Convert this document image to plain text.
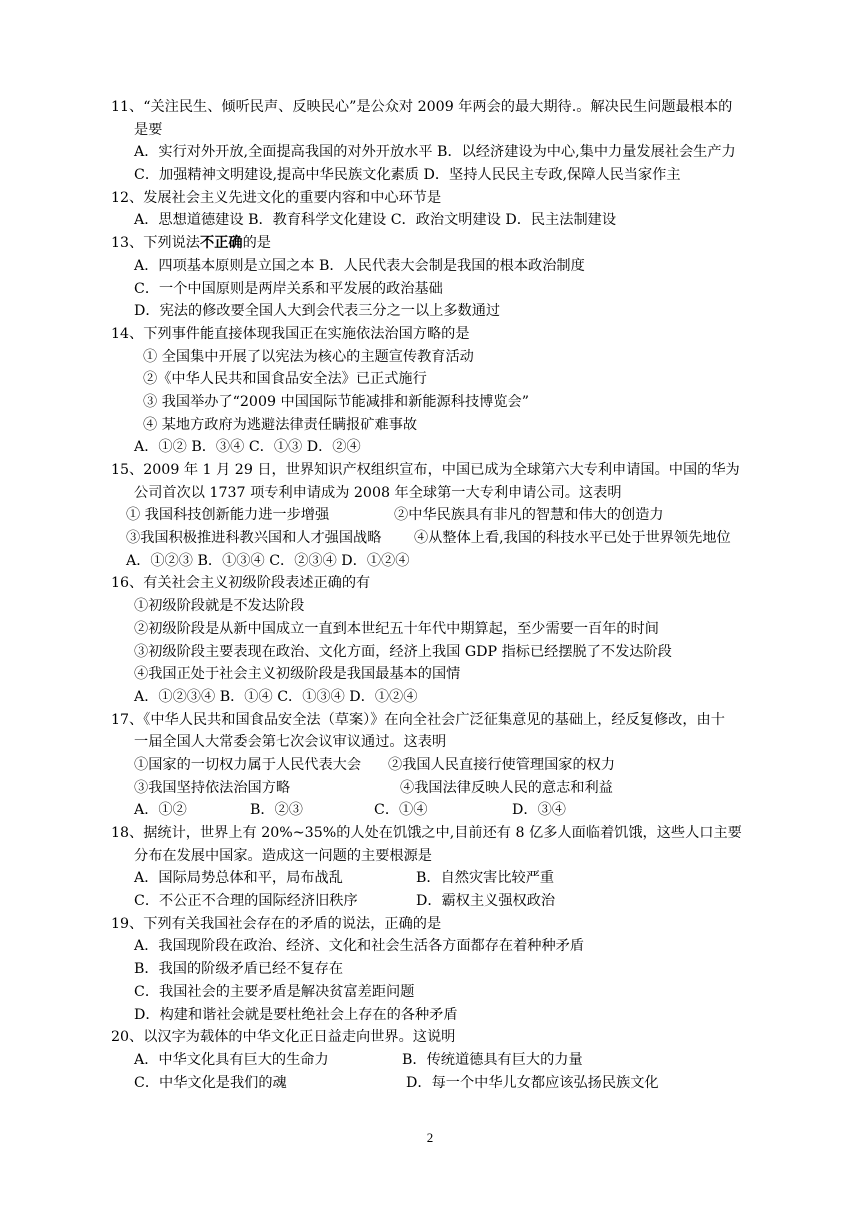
11、“关注民生、倾听民声、反映民心”是公众对 2009 年两会的最大期待.。解决民生问题最根本的
是要
A．实行对外开放,全面提高我国的对外开放水平 B．以经济建设为中心,集中力量发展社会生产力
C．加强精神文明建设,提高中华民族文化素质 D．坚持人民民主专政,保障人民当家作主
12、发展社会主义先进文化的重要内容和中心环节是
A．思想道德建设 B．教育科学文化建设 C．政治文明建设 D．民主法制建设
13、下列说法不正确的是
A．四项基本原则是立国之本 B．人民代表大会制是我国的根本政治制度
C．一个中国原则是两岸关系和平发展的政治基础
D．宪法的修改要全国人大到会代表三分之一以上多数通过
14、下列事件能直接体现我国正在实施依法治国方略的是
① 全国集中开展了以宪法为核心的主题宣传教育活动
②《中华人民共和国食品安全法》已正式施行
③ 我国举办了“2009 中国国际节能减排和新能源科技博览会”
④ 某地方政府为逃避法律责任瞒报矿难事故
A．①② B．③④ C．①③ D．②④
15、2009 年 1 月 29 日，世界知识产权组织宣布，中国已成为全球第六大专利申请国。中国的华为
公司首次以 1737 项专利申请成为 2008 年全球第一大专利申请公司。这表明
① 我国科技创新能力进一步增强	②中华民族具有非凡的智慧和伟大的创造力
③我国积极推进科教兴国和人才强国战略	④从整体上看,我国的科技水平已处于世界领先地位
A．①②③ B．①③④ C．②③④ D．①②④
16、有关社会主义初级阶段表述正确的有
①初级阶段就是不发达阶段
②初级阶段是从新中国成立一直到本世纪五十年代中期算起，至少需要一百年的时间
③初级阶段主要表现在政治、文化方面，经济上我国 GDP 指标已经摆脱了不发达阶段
④我国正处于社会主义初级阶段是我国最基本的国情
A．①②③④ B．①④ C．①③④ D．①②④
17、《中华人民共和国食品安全法（草案）》在向全社会广泛征集意见的基础上，经反复修改，由十
一届全国人大常委会第七次会议审议通过。这表明
①国家的一切权力属于人民代表大会	②我国人民直接行使管理国家的权力
③我国坚持依法治国方略	④我国法律反映人民的意志和利益
A．①②	B．②③	C．①④	D．③④
18、据统计，世界上有 20%~35%的人处在饥饿之中,目前还有 8 亿多人面临着饥饿，这些人口主要
分布在发展中国家。造成这一问题的主要根源是
A．国际局势总体和平，局布战乱	B．自然灾害比较严重
C．不公正不合理的国际经济旧秩序	D．霸权主义强权政治
19、下列有关我国社会存在的矛盾的说法，正确的是
A．我国现阶段在政治、经济、文化和社会生活各方面都存在着种种矛盾
B．我国的阶级矛盾已经不复存在
C．我国社会的主要矛盾是解决贫富差距问题
D．构建和谐社会就是要杜绝社会上存在的各种矛盾
20、以汉字为载体的中华文化正日益走向世界。这说明
A．中华文化具有巨大的生命力	B．传统道德具有巨大的力量
C．中华文化是我们的魂	D．每一个中华儿女都应该弘扬民族文化
2
